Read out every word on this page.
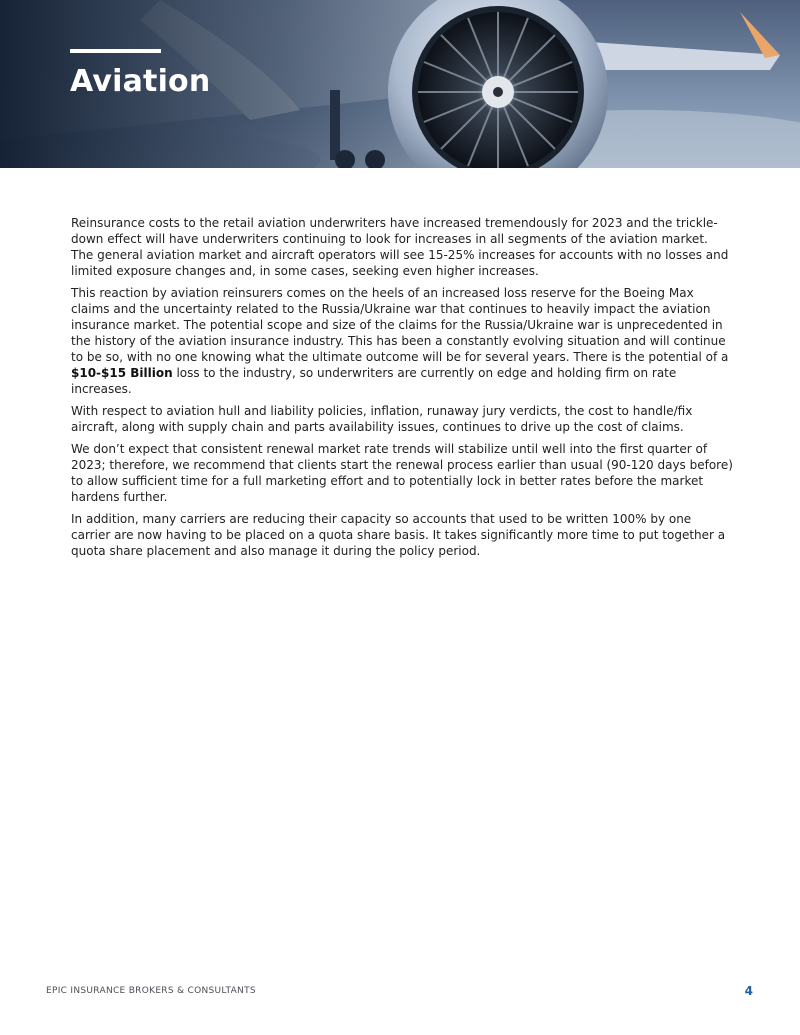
Aviation

Reinsurance costs to the retail aviation underwriters have increased tremendously for 2023 and the trickle-down effect will have underwriters continuing to look for increases in all segments of the aviation market. The general aviation market and aircraft operators will see 15-25% increases for accounts with no losses and limited exposure changes and, in some cases, seeking even higher increases.

This reaction by aviation reinsurers comes on the heels of an increased loss reserve for the Boeing Max claims and the uncertainty related to the Russia/Ukraine war that continues to heavily impact the aviation insurance market. The potential scope and size of the claims for the Russia/Ukraine war is unprecedented in the history of the aviation insurance industry. This has been a constantly evolving situation and will continue to be so, with no one knowing what the ultimate outcome will be for several years. There is the potential of a $10-$15 Billion loss to the industry, so underwriters are currently on edge and holding firm on rate increases.

With respect to aviation hull and liability policies, inflation, runaway jury verdicts, the cost to handle/fix aircraft, along with supply chain and parts availability issues, continues to drive up the cost of claims.

We don’t expect that consistent renewal market rate trends will stabilize until well into the first quarter of 2023; therefore, we recommend that clients start the renewal process earlier than usual (90-120 days before) to allow sufficient time for a full marketing effort and to potentially lock in better rates before the market hardens further.

In addition, many carriers are reducing their capacity so accounts that used to be written 100% by one carrier are now having to be placed on a quota share basis. It takes significantly more time to put together a quota share placement and also manage it during the policy period.

EPIC INSURANCE BROKERS & CONSULTANTS	4
